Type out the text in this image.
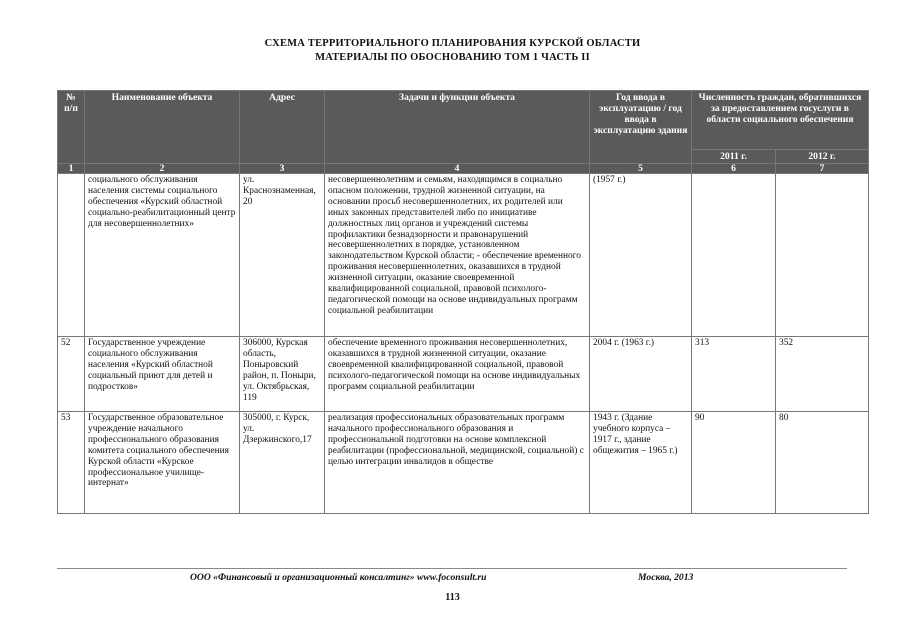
СХЕМА ТЕРРИТОРИАЛЬНОГО ПЛАНИРОВАНИЯ КУРСКОЙ ОБЛАСТИ
МАТЕРИАЛЫ ПО ОБОСНОВАНИЮ ТОМ 1 ЧАСТЬ II
№ п/п	Наименование объекта	Адрес	Задачи и функции объекта	Год ввода в эксплуатацию / год ввода в эксплуатацию здания	Численность граждан, обратившихся за предоставлением госуслуги в области социального обеспечения	
					2011 г.	2012 г.
1	2	3	4	5	6	7
	социального обслуживания населения системы социального обеспечения «Курский областной социально-реабилитационный центр для несовершеннолетних»	ул. Краснознаменная, 20	несовершеннолетним и семьям, находящимся в социально опасном положении, трудной жизненной ситуации, на основании просьб несовершеннолетних, их родителей или иных законных представителей либо по инициативе должностных лиц органов и учреждений системы профилактики безнадзорности и правонарушений несовершеннолетних в порядке, установленном законодательством Курской области; - обеспечение временного проживания несовершеннолетних, оказавшихся в трудной жизненной ситуации, оказание своевременной квалифицированной социальной, правовой психолого-педагогической помощи на основе индивидуальных программ социальной реабилитации	(1957 г.)		
52	Государственное учреждение социального обслуживания населения «Курский областной социальный приют для детей и подростков»	306000, Курская область, Поныровский район, п. Поныри, ул. Октябрьская, 119	обеспечение временного проживания несовершеннолетних, оказавшихся в трудной жизненной ситуации, оказание своевременной квалифицированной социальной, правовой психолого-педагогической помощи на основе индивидуальных программ социальной реабилитации	2004 г. (1963 г.)	313	352
53	Государственное образовательное учреждение начального профессионального образования комитета социального обеспечения Курской области «Курское профессиональное училище-интернат»	305000, г. Курск, ул. Дзержинского,17	реализация профессиональных образовательных программ начального профессионального образования и профессиональной подготовки на основе комплексной реабилитации (профессиональной, медицинской, социальной) с целью интеграции инвалидов в обществе	1943 г. (Здание учебного корпуса – 1917 г., здание общежития – 1965 г.)	90	80
ООО «Финансовый и организационный консалтинг» www.foconsult.ru	Москва, 2013
113
